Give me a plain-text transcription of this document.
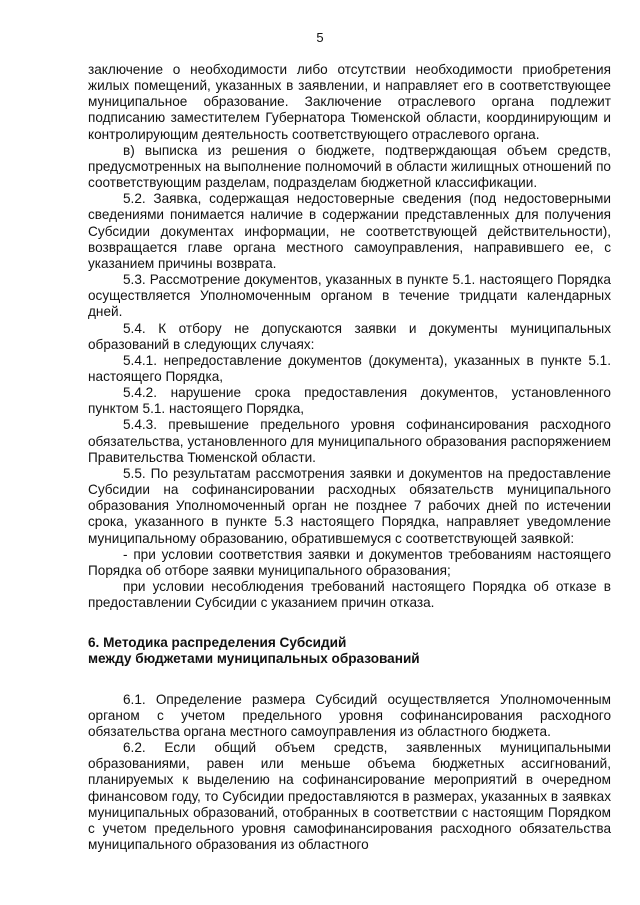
5

заключение о необходимости либо отсутствии необходимости приобретения жилых помещений, указанных в заявлении, и направляет его в соответствующее муниципальное образование. Заключение отраслевого органа подлежит подписанию заместителем Губернатора Тюменской области, координирующим и контролирующим деятельность соответствующего отраслевого органа.

в) выписка из решения о бюджете, подтверждающая объем средств, предусмотренных на выполнение полномочий в области жилищных отношений по соответствующим разделам, подразделам бюджетной классификации.

5.2. Заявка, содержащая недостоверные сведения (под недостоверными сведениями понимается наличие в содержании представленных для получения Субсидии документах информации, не соответствующей действительности), возвращается главе органа местного самоуправления, направившего ее, с указанием причины возврата.

5.3. Рассмотрение документов, указанных в пункте 5.1. настоящего Порядка осуществляется Уполномоченным органом в течение тридцати календарных дней.

5.4. К отбору не допускаются заявки и документы муниципальных образований в следующих случаях:

5.4.1. непредоставление документов (документа), указанных в пункте 5.1. настоящего Порядка,

5.4.2. нарушение срока предоставления документов, установленного пунктом 5.1. настоящего Порядка,

5.4.3. превышение предельного уровня софинансирования расходного обязательства, установленного для муниципального образования распоряжением Правительства Тюменской области.

5.5. По результатам рассмотрения заявки и документов на предоставление Субсидии на софинансировании расходных обязательств муниципального образования Уполномоченный орган не позднее 7 рабочих дней по истечении срока, указанного в пункте 5.3 настоящего Порядка, направляет уведомление муниципальному образованию, обратившемуся с соответствующей заявкой:

- при условии соответствия заявки и документов требованиям настоящего Порядка об отборе заявки муниципального образования;

при условии несоблюдения требований настоящего Порядка об отказе в предоставлении Субсидии с указанием причин отказа.

6. Методика распределения Субсидий

между бюджетами муниципальных образований

6.1. Определение размера Субсидий осуществляется Уполномоченным органом с учетом предельного уровня софинансирования расходного обязательства органа местного самоуправления из областного бюджета.

6.2. Если общий объем средств, заявленных муниципальными образованиями, равен или меньше объема бюджетных ассигнований, планируемых к выделению на софинансирование мероприятий в очередном финансовом году, то Субсидии предоставляются в размерах, указанных в заявках муниципальных образований, отобранных в соответствии с настоящим Порядком с учетом предельного уровня самофинансирования расходного обязательства муниципального образования из областного
